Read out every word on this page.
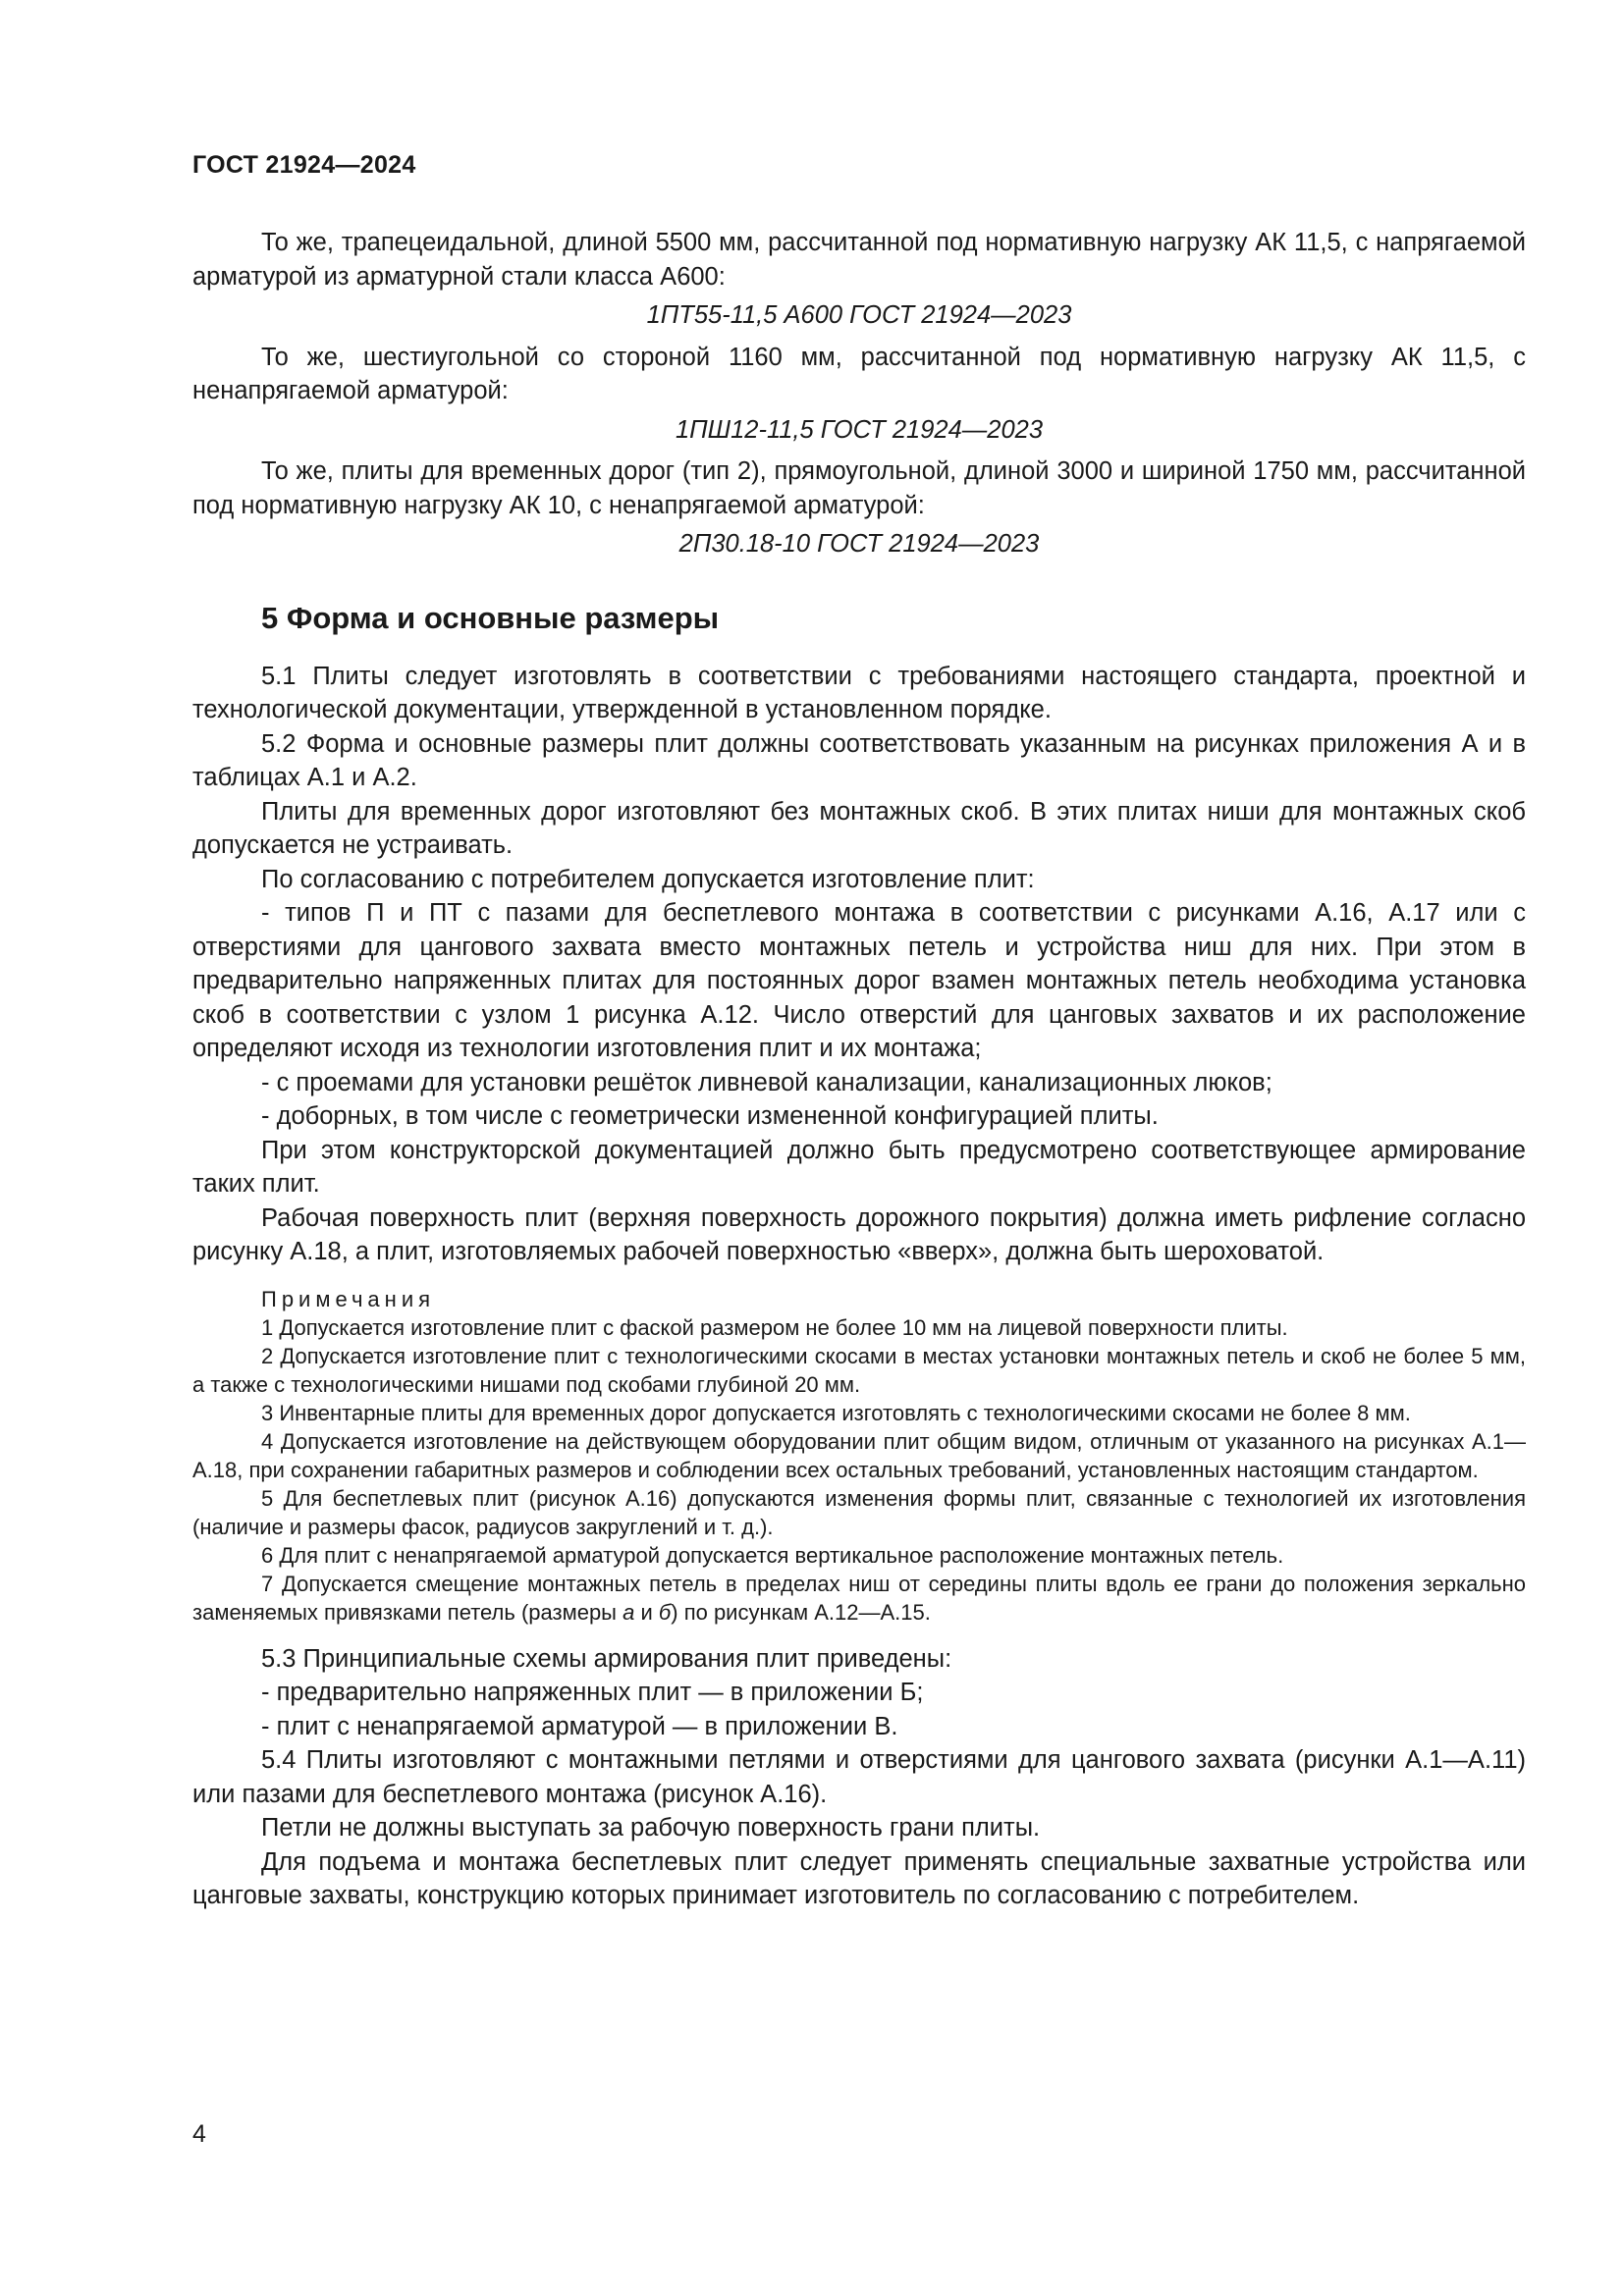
ГОСТ 21924—2024

То же, трапецеидальной, длиной 5500 мм, рассчитанной под нормативную нагрузку АК 11,5, с напрягаемой арматурой из арматурной стали класса А600:

1ПТ55-11,5 А600 ГОСТ 21924—2023

То же, шестиугольной со стороной 1160 мм, рассчитанной под нормативную нагрузку АК 11,5, с ненапрягаемой арматурой:

1ПШ12-11,5 ГОСТ 21924—2023

То же, плиты для временных дорог (тип 2), прямоугольной, длиной 3000 и шириной 1750 мм, рассчитанной под нормативную нагрузку АК 10, с ненапрягаемой арматурой:

2П30.18-10 ГОСТ 21924—2023

5 Форма и основные размеры

5.1 Плиты следует изготовлять в соответствии с требованиями настоящего стандарта, проектной и технологической документации, утвержденной в установленном порядке.

5.2 Форма и основные размеры плит должны соответствовать указанным на рисунках приложения А и в таблицах А.1 и А.2.

Плиты для временных дорог изготовляют без монтажных скоб. В этих плитах ниши для монтажных скоб допускается не устраивать.

По согласованию с потребителем допускается изготовление плит:

- типов П и ПТ с пазами для беспетлевого монтажа в соответствии с рисунками А.16, А.17 или с отверстиями для цангового захвата вместо монтажных петель и устройства ниш для них. При этом в предварительно напряженных плитах для постоянных дорог взамен монтажных петель необходима установка скоб в соответствии с узлом 1 рисунка А.12. Число отверстий для цанговых захватов и их расположение определяют исходя из технологии изготовления плит и их монтажа;

- с проемами для установки решёток ливневой канализации, канализационных люков;

- доборных, в том числе с геометрически измененной конфигурацией плиты.

При этом конструкторской документацией должно быть предусмотрено соответствующее армирование таких плит.

Рабочая поверхность плит (верхняя поверхность дорожного покрытия) должна иметь рифление согласно рисунку А.18, а плит, изготовляемых рабочей поверхностью «вверх», должна быть шероховатой.

Примечания

1 Допускается изготовление плит с фаской размером не более 10 мм на лицевой поверхности плиты.

2 Допускается изготовление плит с технологическими скосами в местах установки монтажных петель и скоб не более 5 мм, а также с технологическими нишами под скобами глубиной 20 мм.

3 Инвентарные плиты для временных дорог допускается изготовлять с технологическими скосами не более 8 мм.

4 Допускается изготовление на действующем оборудовании плит общим видом, отличным от указанного на рисунках А.1—А.18, при сохранении габаритных размеров и соблюдении всех остальных требований, установленных настоящим стандартом.

5 Для беспетлевых плит (рисунок А.16) допускаются изменения формы плит, связанные с технологией их изготовления (наличие и размеры фасок, радиусов закруглений и т. д.).

6 Для плит с ненапрягаемой арматурой допускается вертикальное расположение монтажных петель.

7 Допускается смещение монтажных петель в пределах ниш от середины плиты вдоль ее грани до положения зеркально заменяемых привязками петель (размеры а и б) по рисункам А.12—А.15.

5.3 Принципиальные схемы армирования плит приведены:

- предварительно напряженных плит — в приложении Б;

- плит с ненапрягаемой арматурой — в приложении В.

5.4 Плиты изготовляют с монтажными петлями и отверстиями для цангового захвата (рисунки А.1—А.11) или пазами для беспетлевого монтажа (рисунок А.16).

Петли не должны выступать за рабочую поверхность грани плиты.

Для подъема и монтажа беспетлевых плит следует применять специальные захватные устройства или цанговые захваты, конструкцию которых принимает изготовитель по согласованию с потребителем.

4
